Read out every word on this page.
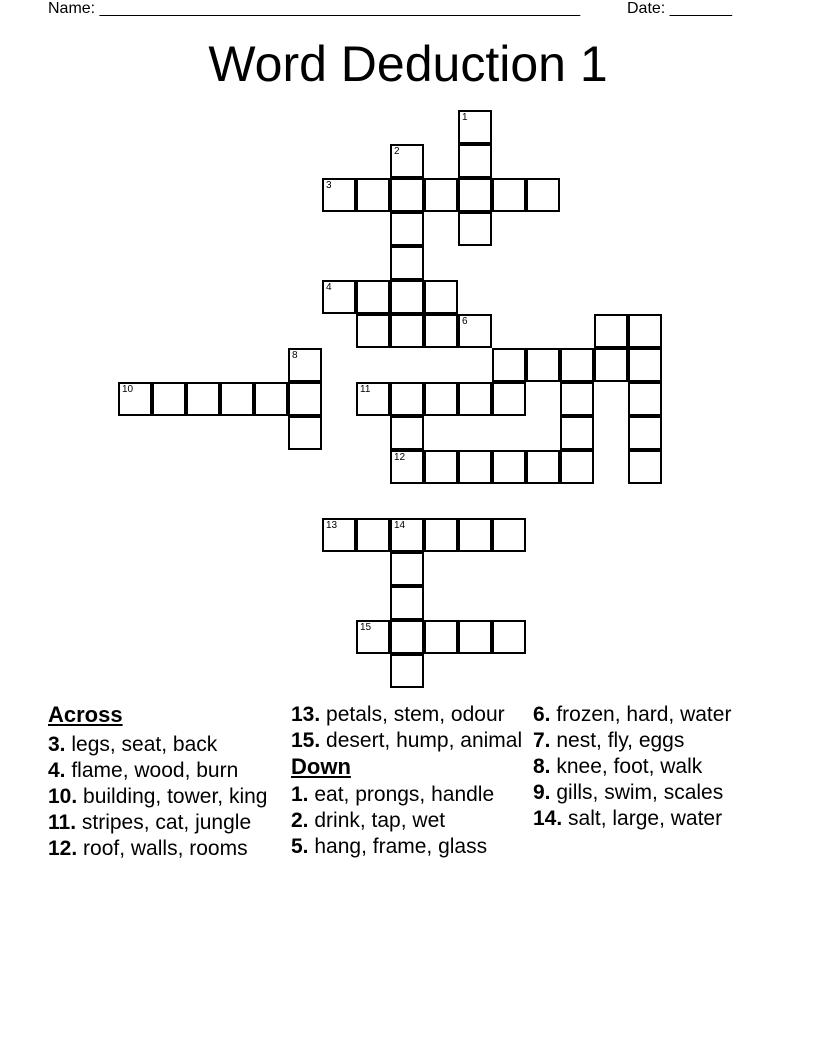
Name: ______________________________________________________	Date: _______
Word Deduction 1
1
2
3
4
6
10
8
11
12
13	14
15
Across
3. legs, seat, back
4. flame, wood, burn
10. building, tower, king
11. stripes, cat, jungle
12. roof, walls, rooms
13. petals, stem, odour
15. desert, hump, animal
Down
1. eat, prongs, handle
2. drink, tap, wet
5. hang, frame, glass
6. frozen, hard, water
7. nest, fly, eggs
8. knee, foot, walk
9. gills, swim, scales
14. salt, large, water
